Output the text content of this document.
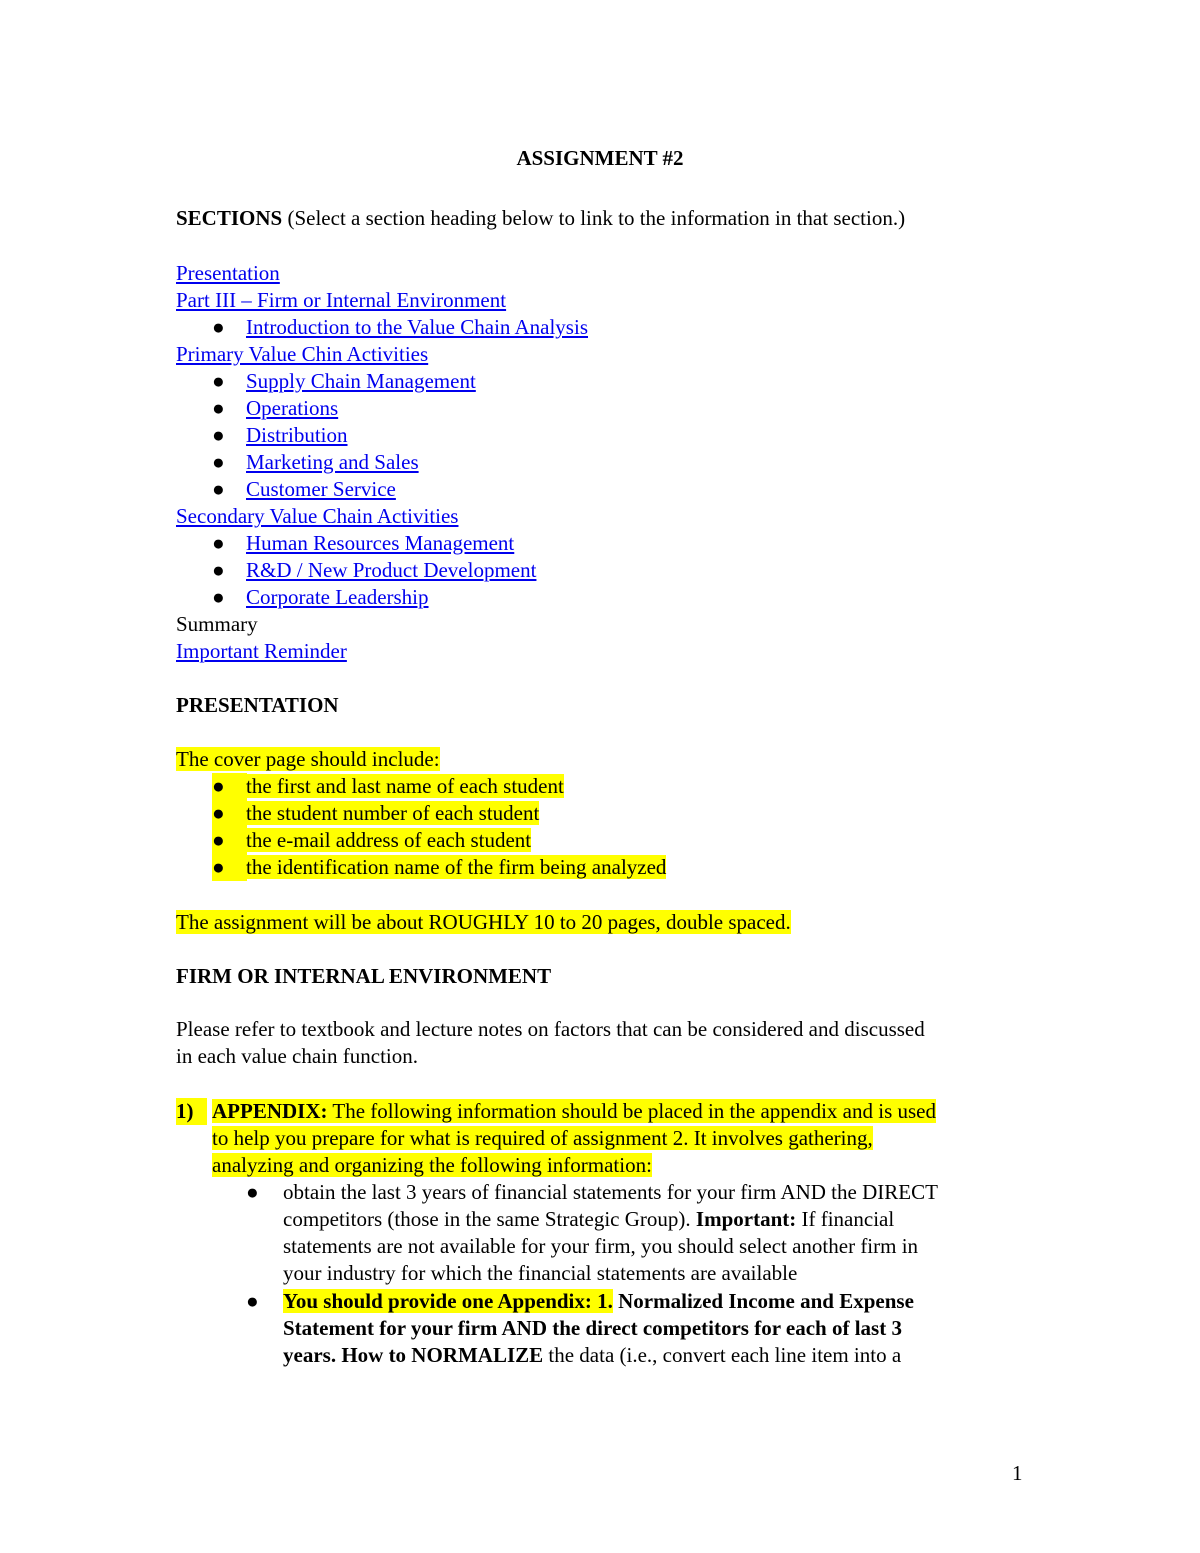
ASSIGNMENT #2
SECTIONS (Select a section heading below to link to the information in that section.)
Presentation
Part III – Firm or Internal Environment
● Introduction to the Value Chain Analysis
Primary Value Chin Activities
● Supply Chain Management
● Operations
● Distribution
● Marketing and Sales
● Customer Service
Secondary Value Chain Activities
● Human Resources Management
● R&D / New Product Development
● Corporate Leadership
Summary
Important Reminder
PRESENTATION
The cover page should include:
●	the first and last name of each student
●	the student number of each student
●	the e-mail address of each student
●	the identification name of the firm being analyzed
The assignment will be about ROUGHLY 10 to 20 pages, double spaced.
FIRM OR INTERNAL ENVIRONMENT
Please refer to textbook and lecture notes on factors that can be considered and discussed
in each value chain function.
1) APPENDIX: The following information should be placed in the appendix and is used
to help you prepare for what is required of assignment 2. It involves gathering,
analyzing and organizing the following information:
● obtain the last 3 years of financial statements for your firm AND the DIRECT
competitors (those in the same Strategic Group). Important: If financial
statements are not available for your firm, you should select another firm in
your industry for which the financial statements are available
● You should provide one Appendix: 1. Normalized Income and Expense
Statement for your firm AND the direct competitors for each of last 3
years. How to NORMALIZE the data (i.e., convert each line item into a
1
